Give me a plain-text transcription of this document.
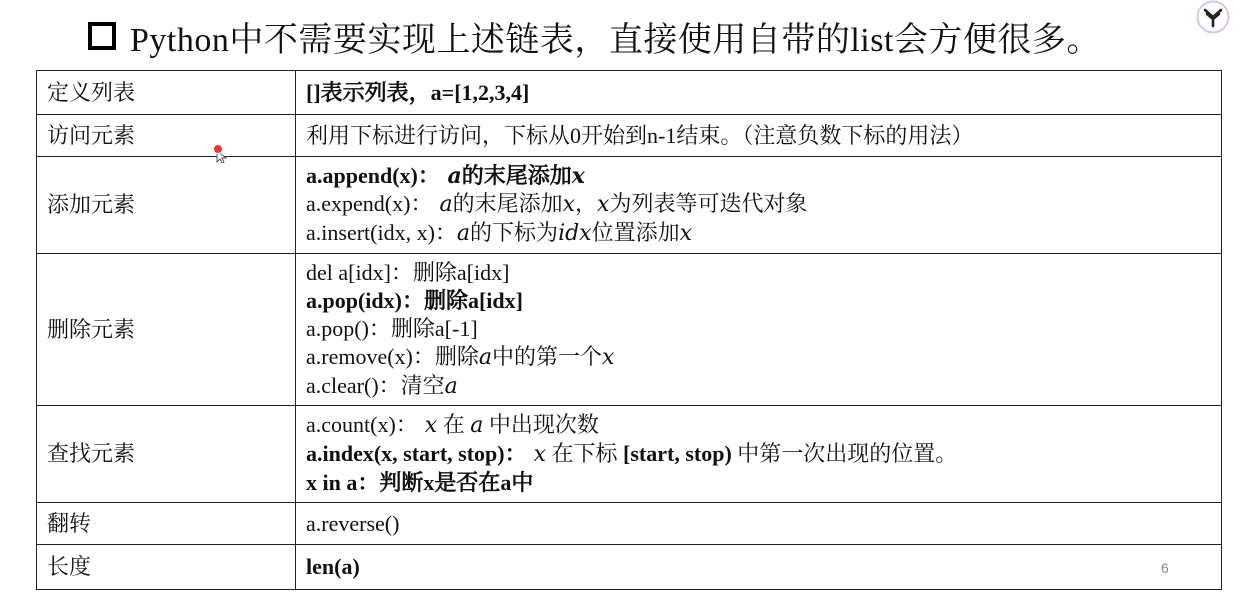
Python中不需要实现上述链表，直接使用自带的list会方便很多。
定义列表	[]表示列表，a=[1,2,3,4]

访问元素	利用下标进行访问，下标从0开始到n-1结束。（注意负数下标的用法）

添加元素	a.append(x)： a的末尾添加x
a.expend(x)： a的末尾添加x，x为列表等可迭代对象
a.insert(idx, x)：a的下标为idx位置添加x

删除元素	del a[idx]：删除a[idx]
a.pop(idx)：删除a[idx]
a.pop()：删除a[-1]
a.remove(x)：删除a中的第一个x
a.clear()：清空a

查找元素	a.count(x)： x 在 a 中出现次数
a.index(x, start, stop)： x 在下标 [start, stop) 中第一次出现的位置。
x in a：判断x是否在a中

翻转	a.reverse()

长度	len(a)	6
